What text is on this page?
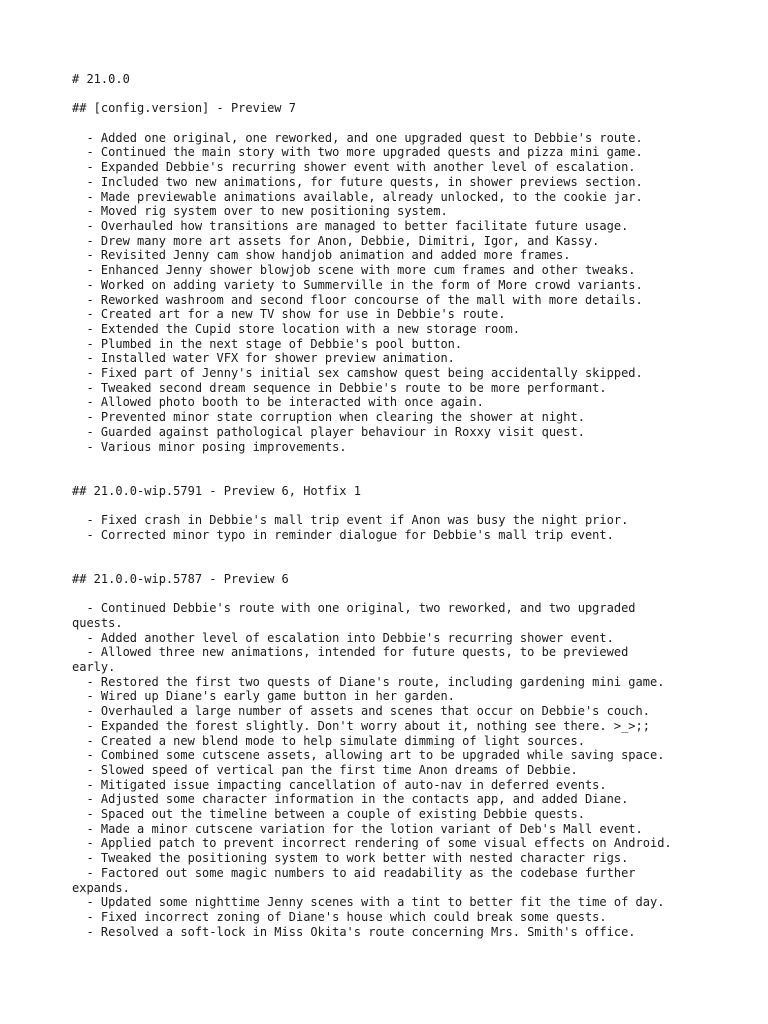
# 21.0.0

## [config.version] - Preview 7

- Added one original, one reworked, and one upgraded quest to Debbie's route.
- Continued the main story with two more upgraded quests and pizza mini game.
- Expanded Debbie's recurring shower event with another level of escalation.
- Included two new animations, for future quests, in shower previews section.
- Made previewable animations available, already unlocked, to the cookie jar.
- Moved rig system over to new positioning system.
- Overhauled how transitions are managed to better facilitate future usage.
- Drew many more art assets for Anon, Debbie, Dimitri, Igor, and Kassy.
- Revisited Jenny cam show handjob animation and added more frames.
- Enhanced Jenny shower blowjob scene with more cum frames and other tweaks.
- Worked on adding variety to Summerville in the form of More crowd variants.
- Reworked washroom and second floor concourse of the mall with more details.
- Created art for a new TV show for use in Debbie's route.
- Extended the Cupid store location with a new storage room.
- Plumbed in the next stage of Debbie's pool button.
- Installed water VFX for shower preview animation.
- Fixed part of Jenny's initial sex camshow quest being accidentally skipped.
- Tweaked second dream sequence in Debbie's route to be more performant.
- Allowed photo booth to be interacted with once again.
- Prevented minor state corruption when clearing the shower at night.
- Guarded against pathological player behaviour in Roxxy visit quest.
- Various minor posing improvements.

## 21.0.0-wip.5791 - Preview 6, Hotfix 1

- Fixed crash in Debbie's mall trip event if Anon was busy the night prior.
- Corrected minor typo in reminder dialogue for Debbie's mall trip event.

## 21.0.0-wip.5787 - Preview 6

- Continued Debbie's route with one original, two reworked, and two upgraded
quests.
- Added another level of escalation into Debbie's recurring shower event.
- Allowed three new animations, intended for future quests, to be previewed
early.
- Restored the first two quests of Diane's route, including gardening mini game.
- Wired up Diane's early game button in her garden.
- Overhauled a large number of assets and scenes that occur on Debbie's couch.
- Expanded the forest slightly. Don't worry about it, nothing see there. >_>;;
- Created a new blend mode to help simulate dimming of light sources.
- Combined some cutscene assets, allowing art to be upgraded while saving space.
- Slowed speed of vertical pan the first time Anon dreams of Debbie.
- Mitigated issue impacting cancellation of auto-nav in deferred events.
- Adjusted some character information in the contacts app, and added Diane.
- Spaced out the timeline between a couple of existing Debbie quests.
- Made a minor cutscene variation for the lotion variant of Deb's Mall event.
- Applied patch to prevent incorrect rendering of some visual effects on Android.
- Tweaked the positioning system to work better with nested character rigs.
- Factored out some magic numbers to aid readability as the codebase further
expands.
- Updated some nighttime Jenny scenes with a tint to better fit the time of day.
- Fixed incorrect zoning of Diane's house which could break some quests.
- Resolved a soft-lock in Miss Okita's route concerning Mrs. Smith's office.
